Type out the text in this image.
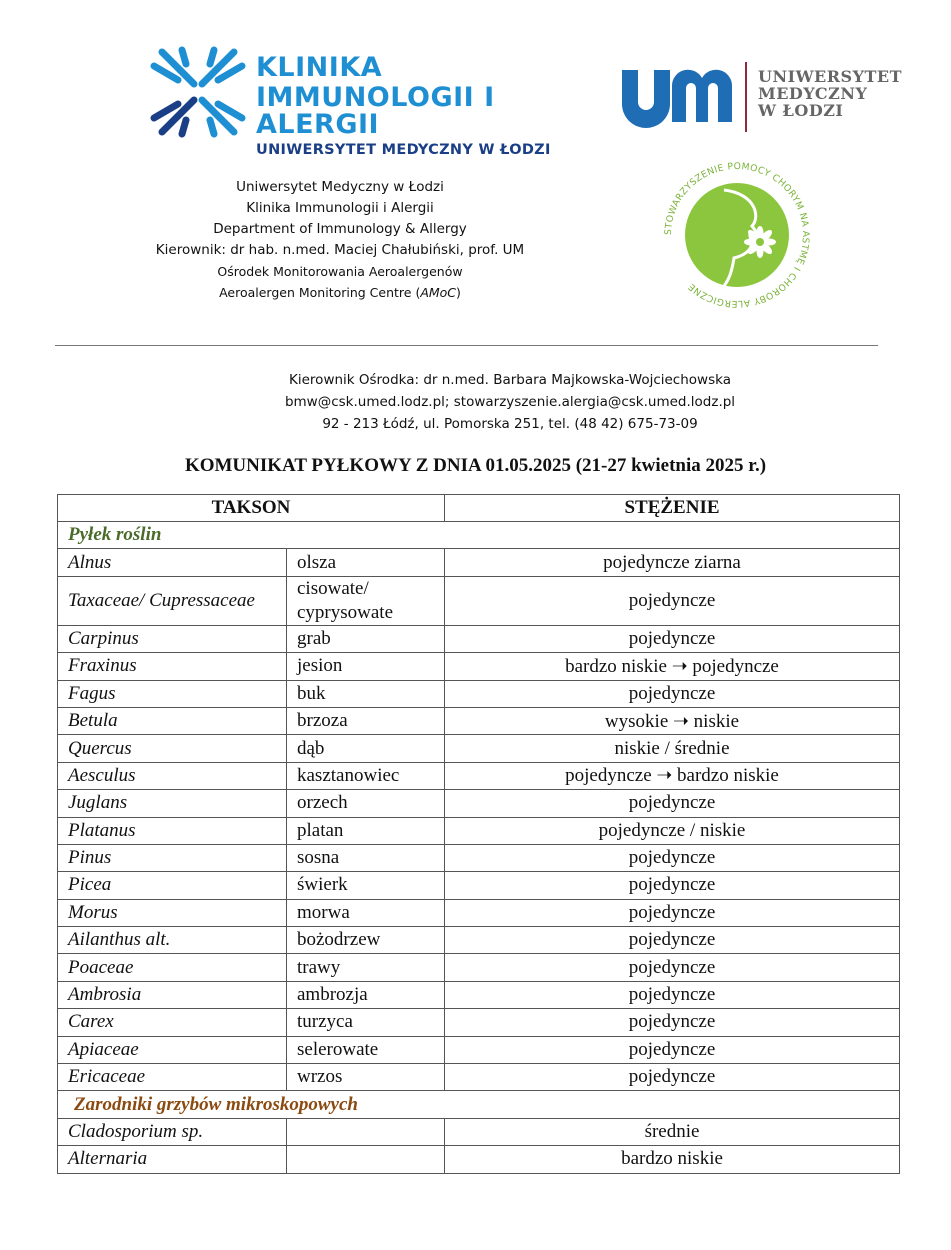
KLINIKA
IMMUNOLOGII I ALERGII
UNIWERSYTET MEDYCZNY W ŁODZI
UNIWERSYTET
MEDYCZNY
W ŁODZI
Uniwersytet Medyczny w Łodzi
Klinika Immunologii i Alergii
Department of Immunology & Allergy
Kierownik: dr hab. n.med. Maciej Chałubiński, prof. UM
Ośrodek Monitorowania Aeroalergenów
Aeroalergen Monitoring Centre (AMoC)
STOWARZYSZENIE POMOCY CHORYM NA ASTMĘ I CHOROBY ALERGICZNE
Kierownik Ośrodka: dr n.med. Barbara Majkowska-Wojciechowska
bmw@csk.umed.lodz.pl; stowarzyszenie.alergia@csk.umed.lodz.pl
92 - 213 Łódź, ul. Pomorska 251, tel. (48 42) 675-73-09
KOMUNIKAT PYŁKOWY Z DNIA 01.05.2025 (21-27 kwietnia 2025 r.)
TAKSON		STĘŻENIE
Pyłek roślin		
Alnus	olsza	pojedyncze ziarna
Taxaceae/ Cupressaceae	cisowate/ cyprysowate	pojedyncze
Carpinus	grab	pojedyncze
Fraxinus	jesion	bardzo niskie ➝ pojedyncze
Fagus	buk	pojedyncze
Betula	brzoza	wysokie ➝ niskie
Quercus	dąb	niskie / średnie
Aesculus	kasztanowiec	pojedyncze ➝ bardzo niskie
Juglans	orzech	pojedyncze
Platanus	platan	pojedyncze / niskie
Pinus	sosna	pojedyncze
Picea	świerk	pojedyncze
Morus	morwa	pojedyncze
Ailanthus alt.	bożodrzew	pojedyncze
Poaceae	trawy	pojedyncze
Ambrosia	ambrozja	pojedyncze
Carex	turzyca	pojedyncze
Apiaceae	selerowate	pojedyncze
Ericaceae	wrzos	pojedyncze
Zarodniki grzybów mikroskopowych		
Cladosporium sp.		średnie
Alternaria		bardzo niskie
